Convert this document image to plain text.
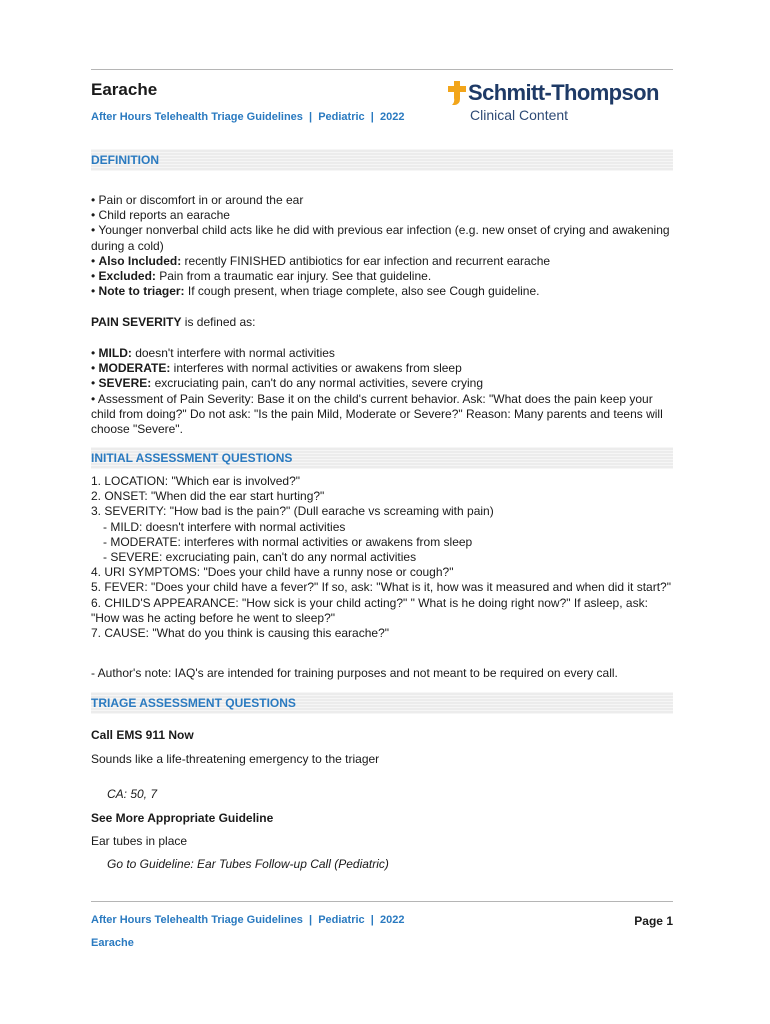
Earache
After Hours Telehealth Triage Guidelines  |  Pediatric  |  2022
Schmitt-Thompson
Clinical Content
DEFINITION

• Pain or discomfort in or around the ear

• Child reports an earache

• Younger nonverbal child acts like he did with previous ear infection (e.g. new onset of crying and awakening during a cold)

• Also Included: recently FINISHED antibiotics for ear infection and recurrent earache

• Excluded: Pain from a traumatic ear injury. See that guideline.

• Note to triager: If cough present, when triage complete, also see Cough guideline.

PAIN SEVERITY is defined as:

• MILD: doesn't interfere with normal activities

• MODERATE: interferes with normal activities or awakens from sleep

• SEVERE: excruciating pain, can't do any normal activities, severe crying

• Assessment of Pain Severity: Base it on the child's current behavior. Ask: "What does the pain keep your child from doing?" Do not ask: "Is the pain Mild, Moderate or Severe?" Reason: Many parents and teens will choose "Severe".

INITIAL ASSESSMENT QUESTIONS

1. LOCATION: "Which ear is involved?"

2. ONSET: "When did the ear start hurting?"

3. SEVERITY: "How bad is the pain?" (Dull earache vs screaming with pain)

- MILD: doesn't interfere with normal activities

- MODERATE: interferes with normal activities or awakens from sleep

- SEVERE: excruciating pain, can't do any normal activities

4. URI SYMPTOMS: "Does your child have a runny nose or cough?"

5. FEVER: "Does your child have a fever?" If so, ask: "What is it, how was it measured and when did it start?"

6. CHILD'S APPEARANCE: "How sick is your child acting?" " What is he doing right now?" If asleep, ask: "How was he acting before he went to sleep?"

7. CAUSE: "What do you think is causing this earache?"

- Author's note: IAQ's are intended for training purposes and not meant to be required on every call.

TRIAGE ASSESSMENT QUESTIONS
Call EMS 911 Now
Sounds like a life-threatening emergency to the triager
CA: 50, 7
See More Appropriate Guideline
Ear tubes in place
Go to Guideline: Ear Tubes Follow-up Call (Pediatric)
After Hours Telehealth Triage Guidelines  |  Pediatric  |  2022	Page 1
Earache
